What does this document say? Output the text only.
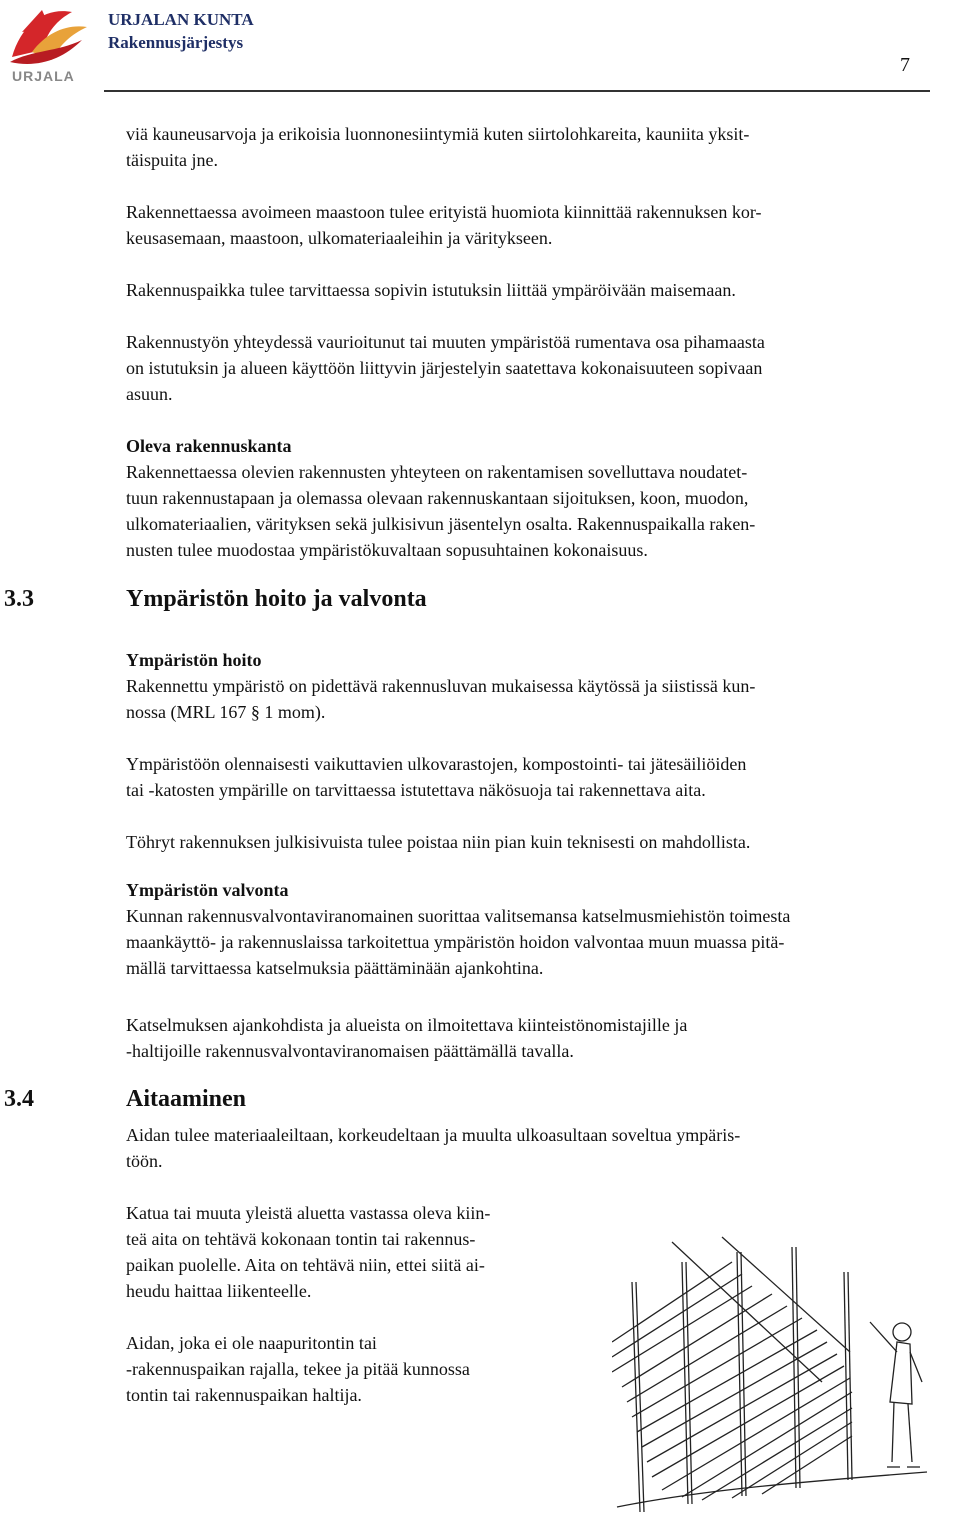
URJALA
URJALAN KUNTA
Rakennusjärjestys
7

viä kauneusarvoja ja erikoisia luonnonesiintymiä kuten siirtolohkareita, kauniita yksit-
täispuita jne.

Rakennettaessa avoimeen maastoon tulee erityistä huomiota kiinnittää rakennuksen kor-
keusasemaan, maastoon, ulkomateriaaleihin ja väritykseen.

Rakennuspaikka tulee tarvittaessa sopivin istutuksin liittää ympäröivään maisemaan.

Rakennustyön yhteydessä vaurioitunut tai muuten ympäristöä rumentava osa pihamaasta
on istutuksin ja alueen käyttöön liittyvin järjestelyin saatettava kokonaisuuteen sopivaan
asuun.

Oleva rakennuskanta
Rakennettaessa olevien rakennusten yhteyteen on rakentamisen sovelluttava noudatet-
tuun rakennustapaan ja olemassa olevaan rakennuskantaan sijoituksen, koon, muodon,
ulkomateriaalien, värityksen sekä julkisivun jäsentelyn osalta. Rakennuspaikalla raken-
nusten tulee muodostaa ympäristökuvaltaan sopusuhtainen kokonaisuus.

3.3	Ympäristön hoito ja valvonta

Ympäristön hoito
Rakennettu ympäristö on pidettävä rakennusluvan mukaisessa käytössä ja siistissä kun-
nossa (MRL 167 § 1 mom).

Ympäristöön olennaisesti vaikuttavien ulkovarastojen, kompostointi- tai jätesäiliöiden
tai -katosten ympärille on tarvittaessa istutettava näkösuoja tai rakennettava aita.

Töhryt rakennuksen julkisivuista tulee poistaa niin pian kuin teknisesti on mahdollista.

Ympäristön valvonta
Kunnan rakennusvalvontaviranomainen suorittaa valitsemansa katselmusmiehistön toimesta
maankäyttö- ja rakennuslaissa tarkoitettua ympäristön hoidon valvontaa muun muassa pitä-
mällä tarvittaessa katselmuksia päättäminään ajankohtina.

Katselmuksen ajankohdista ja alueista on ilmoitettava kiinteistönomistajille ja
-haltijoille rakennusvalvontaviranomaisen päättämällä tavalla.

3.4	Aitaaminen

Aidan tulee materiaaleiltaan, korkeudeltaan ja muulta ulkoasultaan soveltua ympäris-
töön.

Katua tai muuta yleistä aluetta vastassa oleva kiin-
teä aita on tehtävä kokonaan tontin tai rakennus-
paikan puolelle. Aita on tehtävä niin, ettei siitä ai-
heudu haittaa liikenteelle.

Aidan, joka ei ole naapuritontin tai
-rakennuspaikan rajalla, tekee ja pitää kunnossa
tontin tai rakennuspaikan haltija.
